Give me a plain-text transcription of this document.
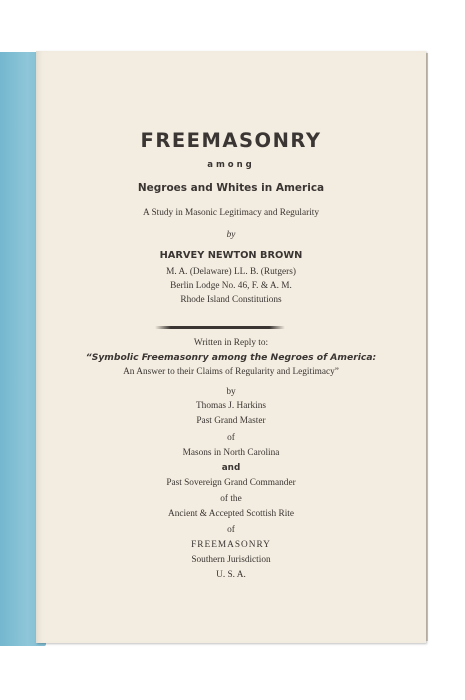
FREEMASONRY
among
Negroes and Whites in America
A Study in Masonic Legitimacy and Regularity
by
HARVEY NEWTON BROWN
M. A. (Delaware) LL. B. (Rutgers)
Berlin Lodge No. 46, F. & A. M.
Rhode Island Constitutions
Written in Reply to:
“Symbolic Freemasonry among the Negroes of America:
An Answer to their Claims of Regularity and Legitimacy”
by
Thomas J. Harkins
Past Grand Master
of
Masons in North Carolina
and
Past Sovereign Grand Commander
of the
Ancient & Accepted Scottish Rite
of
FREEMASONRY
Southern Jurisdiction
U. S. A.
